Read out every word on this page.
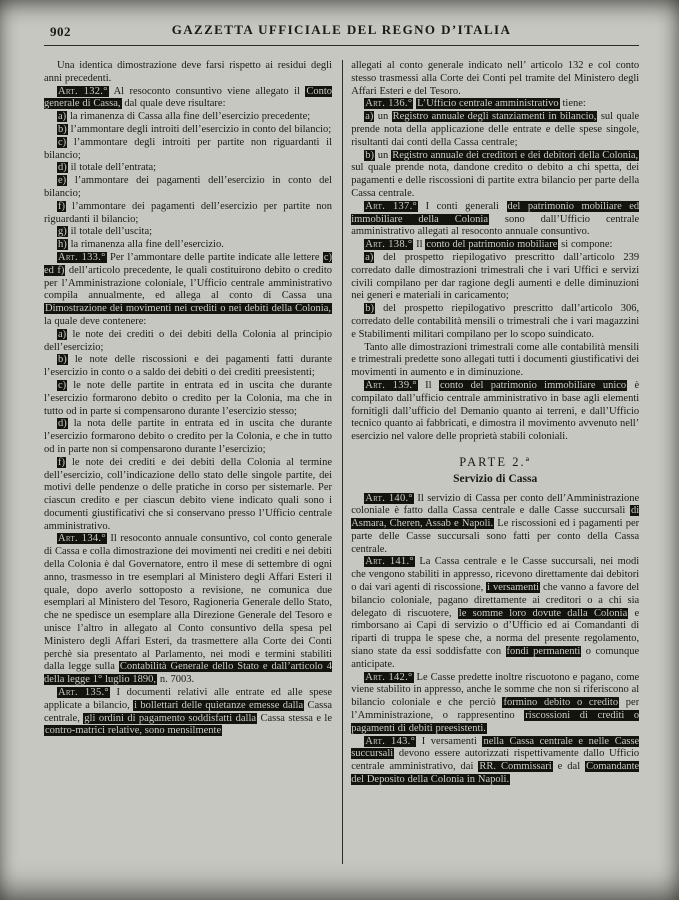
902	GAZZETTA UFFICIALE DEL REGNO D’ITALIA

Una identica dimostrazione deve farsi rispetto ai residui degli anni precedenti.

Art. 132.° Al resoconto consuntivo viene allegato il Conto generale di Cassa, dal quale deve risultare:

a) la rimanenza di Cassa alla fine dell’esercizio precedente;

b) l’ammontare degli introiti dell’esercizio in conto del bilancio;

c) l’ammontare degli introiti per partite non riguardanti il bilancio;

d) il totale dell’entrata;

e) l’ammontare dei pagamenti dell’esercizio in conto del bilancio;

f) l’ammontare dei pagamenti dell’esercizio per partite non riguardanti il bilancio;

g) il totale dell’uscita;

h) la rimanenza alla fine dell’esercizio.

Art. 133.° Per l’ammontare delle partite indicate alle lettere c) ed f) dell’articolo precedente, le quali costituirono debito o credito per l’Amministrazione coloniale, l’Ufficio centrale amministrativo compila annualmente, ed allega al conto di Cassa una Dimostrazione dei movimenti nei crediti o nei debiti della Colonia, la quale deve contenere:

a) le note dei crediti o dei debiti della Colonia al principio dell’esercizio;

b) le note delle riscossioni e dei pagamenti fatti durante l’esercizio in conto o a saldo dei debiti o dei crediti preesistenti;

c) le note delle partite in entrata ed in uscita che durante l’esercizio formarono debito o credito per la Colonia, ma che in tutto od in parte si compensarono durante l’esercizio stesso;

d) la nota delle partite in entrata ed in uscita che durante l’esercizio formarono debito o credito per la Colonia, e che in tutto od in parte non si compensarono durante l’esercizio;

f) le note dei crediti e dei debiti della Colonia al termine dell’esercizio, coll’indicazione dello stato delle singole partite, dei motivi delle pendenze o delle pratiche in corso per sistemarle. Per ciascun credito e per ciascun debito viene indicato quali sono i documenti giustificativi che si conservano presso l’Ufficio centrale amministrativo.

Art. 134.° Il resoconto annuale consuntivo, col conto generale di Cassa e colla dimostrazione dei movimenti nei crediti e nei debiti della Colonia è dal Governatore, entro il mese di settembre di ogni anno, trasmesso in tre esemplari al Ministero degli Affari Esteri il quale, dopo averlo sottoposto a revisione, ne comunica due esemplari al Ministero del Tesoro, Ragioneria Generale dello Stato, che ne spedisce un esemplare alla Direzione Generale del Tesoro e unisce l’altro in allegato al Conto consuntivo della spesa pel Ministero degli Affari Esteri, da trasmettere alla Corte dei Conti perchè sia presentato al Parlamento, nei modi e termini stabiliti dalla legge sulla Contabilità Generale dello Stato e dall’articolo 4 della legge 1° luglio 1890, n. 7003.

Art. 135.° I documenti relativi alle entrate ed alle spese applicate a bilancio, i bollettari delle quietanze emesse dalla Cassa centrale, gli ordini di pagamento soddisfatti dalla Cassa stessa e le contro-matrici relative, sono mensilmente

allegati al conto generale indicato nell’ articolo 132 e col conto stesso trasmessi alla Corte dei Conti pel tramite del Ministero degli Affari Esteri e del Tesoro.

Art. 136.° L’Ufficio centrale amministrativo tiene:

a) un Registro annuale degli stanziamenti in bilancio, sul quale prende nota della applicazione delle entrate e delle spese singole, risultanti dai conti della Cassa centrale;

b) un Registro annuale dei creditori e dei debitori della Colonia, sul quale prende nota, dandone credito o debito a chi spetta, dei pagamenti e delle riscossioni di partite extra bilancio per parte della Cassa centrale.

Art. 137.° I conti generali del patrimonio mobiliare ed immobiliare della Colonia sono dall’Ufficio centrale amministrativo allegati al resoconto annuale consuntivo.

Art. 138.° Il conto del patrimonio mobiliare si compone:

a) del prospetto riepilogativo prescritto dall’articolo 239 corredato dalle dimostrazioni trimestrali che i vari Uffici e servizi civili compilano per dar ragione degli aumenti e delle diminuzioni nei generi e materiali in caricamento;

b) del prospetto riepilogativo prescritto dall’articolo 306, corredato delle contabilità mensili o trimestrali che i vari magazzini e Stabilimenti militari compilano per lo scopo suindicato.

Tanto alle dimostrazioni trimestrali come alle contabilità mensili e trimestrali predette sono allegati tutti i documenti giustificativi dei movimenti in aumento e in diminuzione.

Art. 139.° Il conto del patrimonio immobiliare unico è compilato dall’ufficio centrale amministrativo in base agli elementi fornitigli dall’ufficio del Demanio quanto ai terreni, e dall’Ufficio tecnico quanto ai fabbricati, e dimostra il movimento avvenuto nell’ esercizio nel valore delle proprietà stabili coloniali.

PARTE 2.ª

Servizio di Cassa

Art. 140.° Il servizio di Cassa per conto dell’Amministrazione coloniale è fatto dalla Cassa centrale e dalle Casse succursali di Asmara, Cheren, Assab e Napoli. Le riscossioni ed i pagamenti per parte delle Casse succursali sono fatti per conto della Cassa centrale.

Art. 141.° La Cassa centrale e le Casse succursali, nei modi che vengono stabiliti in appresso, ricevono direttamente dai debitori o dai vari agenti di riscossione, i versamenti che vanno a favore del bilancio coloniale, pagano direttamente ai creditori o a chi sia delegato di riscuotere, le somme loro dovute dalla Colonia e rimborsano ai Capi di servizio o d’Ufficio ed ai Comandanti di riparti di truppa le spese che, a norma del presente regolamento, siano state da essi soddisfatte con fondi permanenti o comunque anticipate.

Art. 142.° Le Casse predette inoltre riscuotono e pagano, come viene stabilito in appresso, anche le somme che non si riferiscono al bilancio coloniale e che perciò formino debito o credito per l’Amministrazione, o rappresentino riscossioni di crediti o pagamenti di debiti preesistenti.

Art. 143.° I versamenti nella Cassa centrale e nelle Casse succursali devono essere autorizzati rispettivamente dallo Ufficio centrale amministrativo, dai RR. Commissari e dal Comandante del Deposito della Colonia in Napoli.
